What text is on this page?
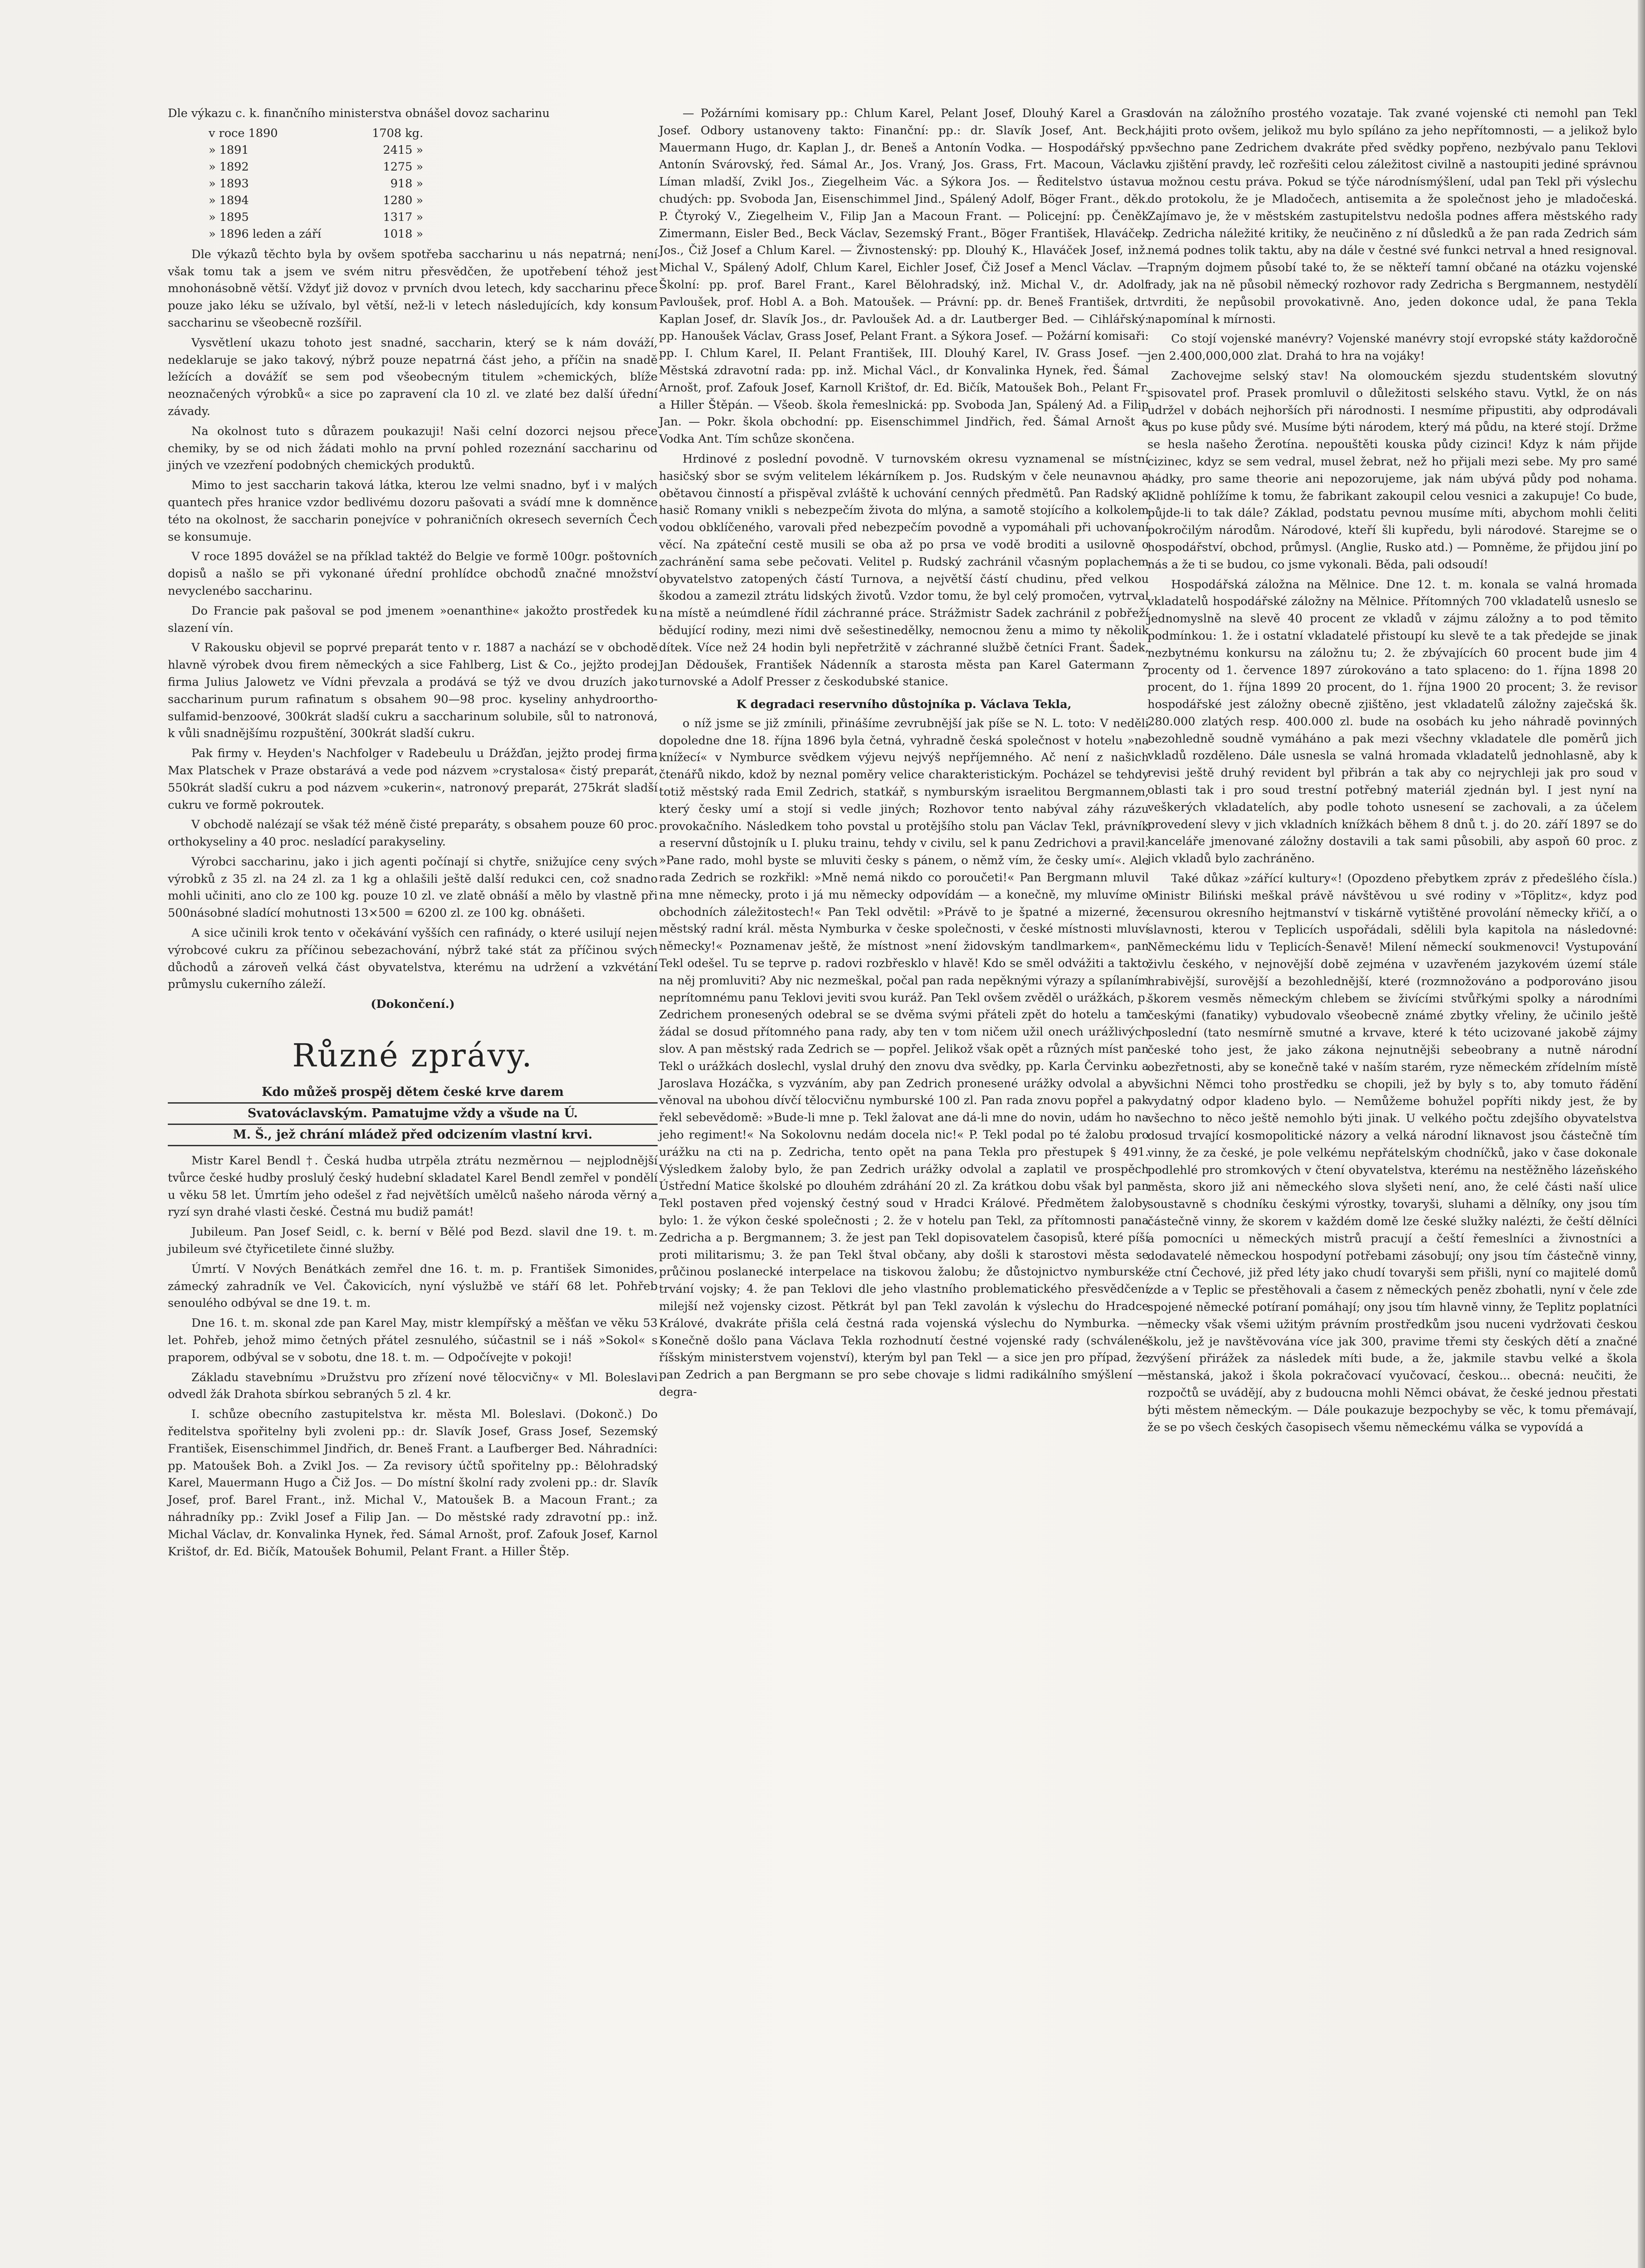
Dle výkazu c. k. finančního ministerstva obnášel dovoz sacharinu

v roce 1890	1708 kg.
» 1891	2415 »
» 1892	1275 »
» 1893	918 »
» 1894	1280 »
» 1895	1317 »
» 1896 leden a září	1018 »

Dle výkazů těchto byla by ovšem spotřeba saccharinu u nás nepatrná; není však tomu tak a jsem ve svém nitru přesvědčen, že upotřebení téhož jest mnohonásobně větší. Vždyť již dovoz v prvních dvou letech, kdy saccharinu přece pouze jako léku se užívalo, byl větší, než-li v letech následujících, kdy konsum saccharinu se všeobecně rozšířil.

Vysvětlení ukazu tohoto jest snadné, saccharin, který se k nám dováží, nedeklaruje se jako takový, nýbrž pouze nepatrná část jeho, a příčin na snadě ležících a dovážíť se sem pod všeobecným titulem »chemických, blíže neoznačených výrobků« a sice po zapravení cla 10 zl. ve zlaté bez další úřední závady.

Na okolnost tuto s důrazem poukazuji! Naši celní dozorci nejsou přece chemiky, by se od nich žádati mohlo na první pohled rozeznání saccharinu od jiných ve vzezření podobných chemických produktů.

Mimo to jest saccharin taková látka, kterou lze velmi snadno, byť i v malých quantech přes hranice vzdor bedlivému dozoru pašovati a svádí mne k domněnce této na okolnost, že saccharin ponejvíce v pohraničních okresech severních Čech se konsumuje.

V roce 1895 dovážel se na příklad taktéž do Belgie ve formě 100gr. poštovních dopisů a našlo se při vykonané úřední prohlídce obchodů značné množství nevyclenébo saccharinu.

Do Francie pak pašoval se pod jmenem »oenanthine« jakožto prostředek ku slazení vín.

V Rakousku objevil se poprvé preparát tento v r. 1887 a nachází se v obchodě hlavně výrobek dvou firem německých a sice Fahlberg, List & Co., jejžto prodej firma Julius Jalowetz ve Vídni převzala a prodává se týž ve dvou druzích jako saccharinum purum rafinatum s obsahem 90—98 proc. kyseliny anhydroortho-sulfamid-benzoové, 300krát sladší cukru a saccharinum solubile, sůl to natronová, k vůli snadnějšímu rozpuštění, 300krát sladší cukru.

Pak firmy v. Heyden's Nachfolger v Radebeulu u Drážďan, jejžto prodej firma Max Platschek v Praze obstarává a vede pod názvem »crystalosa« čistý preparát, 550krát sladší cukru a pod názvem »cukerin«, natronový preparát, 275krát sladší cukru ve formě pokroutek.

V obchodě nalézají se však též méně čisté preparáty, s obsahem pouze 60 proc. orthokyseliny a 40 proc. nesladící parakyseliny.

Výrobci saccharinu, jako i jich agenti počínají si chytře, snižujíce ceny svých výrobků z 35 zl. na 24 zl. za 1 kg a ohlašili ještě další redukci cen, což snadno mohli učiniti, ano clo ze 100 kg. pouze 10 zl. ve zlatě obnáší a mělo by vlastně při 500násobné sladící mohutnosti 13×500 = 6200 zl. ze 100 kg. obnášeti.

A sice učinili krok tento v očekávání vyšších cen rafinády, o které usilují nejen výrobcové cukru za příčinou sebezachování, nýbrž také stát za příčinou svých důchodů a zároveň velká část obyvatelstva, kterému na udržení a vzkvétání průmyslu cukerního záleží.

(Dokončení.)

Různé zprávy.
Kdo můžeš prospěj dětem české krve darem
Svatováclavským. Pamatujme vždy a všude na Ú.
M. Š., jež chrání mládež před odcizením vlastní krvi.

Mistr Karel Bendl †. Česká hudba utrpěla ztrátu nezměrnou — nejplodnější tvůrce české hudby proslulý český hudební skladatel Karel Bendl zemřel v pondělí u věku 58 let. Úmrtím jeho odešel z řad největších umělců našeho národa věrný a ryzí syn drahé vlasti české. Čestná mu budiž památ!

Jubileum. Pan Josef Seidl, c. k. berní v Bělé pod Bezd. slavil dne 19. t. m. jubileum své čtyřicetilete činné služby.

Úmrtí. V Nových Benátkách zemřel dne 16. t. m. p. František Simonides, zámecký zahradník ve Vel. Čakovicích, nyní výslužbě ve stáří 68 let. Pohřeb senoulého odbýval se dne 19. t. m.

Dne 16. t. m. skonal zde pan Karel May, mistr klempířský a měšťan ve věku 53 let. Pohřeb, jehož mimo četných přátel zesnulého, súčastnil se i náš »Sokol« s praporem, odbýval se v sobotu, dne 18. t. m. — Odpočívejte v pokoji!

Základu stavebnímu »Družstvu pro zřízení nové tělocvičny« v Ml. Boleslavi odvedl žák Drahota sbírkou sebraných 5 zl. 4 kr.

I. schůze obecního zastupitelstva kr. města Ml. Boleslavi. (Dokonč.) Do ředitelstva spořitelny byli zvoleni pp.: dr. Slavík Josef, Grass Josef, Sezemský František, Eisenschimmel Jindřich, dr. Beneš Frant. a Laufberger Bed. Náhradníci: pp. Matoušek Boh. a Zvikl Jos. — Za revisory účtů spořitelny pp.: Bělohradský Karel, Mauermann Hugo a Čiž Jos. — Do místní školní rady zvoleni pp.: dr. Slavík Josef, prof. Barel Frant., inž. Michal V., Matoušek B. a Macoun Frant.; za náhradníky pp.: Zvikl Josef a Filip Jan. — Do městské rady zdravotní pp.: inž. Michal Václav, dr. Konvalinka Hynek, řed. Sámal Arnošt, prof. Zafouk Josef, Karnol Krištof, dr. Ed. Bičík, Matoušek Bohumil, Pelant Frant. a Hiller Štěp.

— Požárními komisary pp.: Chlum Karel, Pelant Josef, Dlouhý Karel a Gras Josef. Odbory ustanoveny takto: Finanční: pp.: dr. Slavík Josef, Ant. Beck, Mauermann Hugo, dr. Kaplan J., dr. Beneš a Antonín Vodka. — Hospodářský pp: Antonín Svárovský, řed. Sámal Ar., Jos. Vraný, Jos. Grass, Frt. Macoun, Václav Líman mladší, Zvikl Jos., Ziegelheim Vác. a Sýkora Jos. — Ředitelstvo ústavu chudých: pp. Svoboda Jan, Eisenschimmel Jind., Spálený Adolf, Böger Frant., děk. P. Čtyroký V., Ziegelheim V., Filip Jan a Macoun Frant. — Policejní: pp. Čeněk Zimermann, Eisler Bed., Beck Václav, Sezemský Frant., Böger František, Hlaváček Jos., Čiž Josef a Chlum Karel. — Živnostenský: pp. Dlouhý K., Hlaváček Josef, inž. Michal V., Spálený Adolf, Chlum Karel, Eichler Josef, Čiž Josef a Mencl Václav. — Školní: pp. prof. Barel Frant., Karel Bělohradský, inž. Michal V., dr. Adolf Pavloušek, prof. Hobl A. a Boh. Matoušek. — Právní: pp. dr. Beneš František, dr. Kaplan Josef, dr. Slavík Jos., dr. Pavloušek Ad. a dr. Lautberger Bed. — Cihlářský: pp. Hanoušek Václav, Grass Josef, Pelant Frant. a Sýkora Josef. — Požární komisaři: pp. I. Chlum Karel, II. Pelant František, III. Dlouhý Karel, IV. Grass Josef. — Městská zdravotní rada: pp. inž. Michal Václ., dr Konvalinka Hynek, řed. Šámal Arnošt, prof. Zafouk Josef, Karnoll Krištof, dr. Ed. Bičík, Matoušek Boh., Pelant Fr. a Hiller Štěpán. — Všeob. škola řemeslnická: pp. Svoboda Jan, Spálený Ad. a Filip Jan. — Pokr. škola obchodní: pp. Eisenschimmel Jindřich, řed. Šámal Arnošt a Vodka Ant. Tím schůze skončena.

Hrdinové z poslední povodně. V turnovském okresu vyznamenal se místní hasičský sbor se svým velitelem lékárníkem p. Jos. Rudským v čele neunavnou a obětavou činností a přispěval zvláště k uchování cenných předmětů. Pan Radský a hasič Romany vnikli s nebezpečím života do mlýna, a samotě stojícího a kolkolem vodou obklíčeného, varovali před nebezpečím povodně a vypomáhali při uchovaní věcí. Na zpáteční cestě musili se oba až po prsa ve vodě broditi a usilovně o zachránění sama sebe pečovati. Velitel p. Rudský zachránil včasným poplachem obyvatelstvo zatopených částí Turnova, a největší částí chudinu, před velkou škodou a zamezil ztrátu lidských životů. Vzdor tomu, že byl celý promočen, vytrval na místě a neúmdlené řídil záchranné práce. Strážmistr Sadek zachránil z pobřeží bědující rodiny, mezi nimi dvě sešestinedělky, nemocnou ženu a mimo ty několik dítek. Více než 24 hodin byli nepřetržitě v záchranné službě četníci Frant. Šadek, Jan Dědoušek, František Nádenník a starosta města pan Karel Gatermann z turnovské a Adolf Presser z českodubské stanice.

K degradaci reservního důstojníka p. Václava Tekla,

o níž jsme se již zmínili, přinášíme zevrubnější jak píše se N. L. toto: V neděli dopoledne dne 18. října 1896 byla četná, vyhradně česká společnost v hotelu »na knížecí« v Nymburce svědkem výjevu nejvýš nepříjemného. Ač není z našich čtenářů nikdo, kdož by neznal poměry velice charakteristickým. Pocházel se tehdy totiž městský rada Emil Zedrich, statkář, s nymburským israelitou Bergmannem, který česky umí a stojí si vedle jiných; Rozhovor tento nabýval záhy rázu provokačního. Následkem toho povstal u protějšího stolu pan Václav Tekl, právník a reservní důstojník u I. pluku trainu, tehdy v civilu, sel k panu Zedrichovi a pravil: »Pane rado, mohl byste se mluviti česky s pánem, o němž vím, že česky umí«. Ale rada Zedrich se rozkřikl: »Mně nemá nikdo co poroučeti!« Pan Bergmann mluvil na mne německy, proto i já mu německy odpovídám — a konečně, my mluvíme o obchodních záležitostech!« Pan Tekl odvětil: »Právě to je špatné a mizerné, že městský radní král. města Nymburka v česke společnosti, v české místnosti mluví německy!« Poznamenav ještě, že místnost »není židovským tandlmarkem«, pan Tekl odešel. Tu se teprve p. radovi rozbřesklo v hlavě! Kdo se směl odvážiti a takto na něj promluviti? Aby nic nezmeškal, počal pan rada nepěknými výrazy a spílaním neprítomnému panu Teklovi jeviti svou kuráž. Pan Tekl ovšem zvěděl o urážkách, p. Zedrichem pronesených odebral se se dvěma svými přáteli zpět do hotelu a tam žádal se dosud přítomného pana rady, aby ten v tom ničem užil onech urážlivých slov. A pan městský rada Zedrich se — popřel. Jelikož však opět a různých míst pan Tekl o urážkách doslechl, vyslal druhý den znovu dva svědky, pp. Karla Červinku a Jaroslava Hozáčka, s vyzváním, aby pan Zedrich pronesené urážky odvolal a aby věnoval na ubohou dívčí tělocvičnu nymburské 100 zl. Pan rada znovu popřel a pak řekl sebevědomě: »Bude-li mne p. Tekl žalovat ane dá-li mne do novin, udám ho na jeho regiment!« Na Sokolovnu nedám docela nic!« P. Tekl podal po té žalobu pro urážku na cti na p. Zedricha, tento opět na pana Tekla pro přestupek § 491. Výsledkem žaloby bylo, že pan Zedrich urážky odvolal a zaplatil ve prospěch Ústřední Matice školské po dlouhém zdráhání 20 zl. Za krátkou dobu však byl pan Tekl postaven před vojenský čestný soud v Hradci Králové. Předmětem žaloby bylo: 1. že výkon české společnosti ; 2. že v hotelu pan Tekl, za přítomnosti pana Zedricha a p. Bergmannem; 3. že jest pan Tekl dopisovatelem časopisů, které píší proti militarismu; 3. že pan Tekl štval občany, aby došli k starostovi města se průčinou poslanecké interpelace na tiskovou žalobu; že důstojnictvo nymburské trvání vojsky; 4. že pan Teklovi dle jeho vlastního problematického přesvědčení milejší než vojensky cizost. Pětkrát byl pan Tekl zavolán k výslechu do Hradce Králové, dvakráte přišla celá čestná rada vojenská výslechu do Nymburka. — Konečně došlo pana Václava Tekla rozhodnutí čestné vojenské rady (schválené říšským ministerstvem vojenství), kterým byl pan Tekl — a sice jen pro případ, že pan Zedrich a pan Bergmann se pro sebe chovaje s lidmi radikálního smýšlení — degra-

dován na záložního prostého vozataje. Tak zvané vojenské cti nemohl pan Tekl hájiti proto ovšem, jelikož mu bylo spíláno za jeho nepřítomnosti, — a jelikož bylo všechno pane Zedrichem dvakráte před svědky popřeno, nezbývalo panu Teklovi ku zjištění pravdy, leč rozřešiti celou záležitost civilně a nastoupiti jediné správnou a možnou cestu práva. Pokud se týče národnísmýšlení, udal pan Tekl při výslechu do protokolu, že je Mladočech, antisemita a že společnost jeho je mladočeská. Zajímavo je, že v městském zastupitelstvu nedošla podnes affera městského rady p. Zedricha náležité kritiky, že neučiněno z ní důsledků a že pan rada Zedrich sám nemá podnes tolik taktu, aby na dále v čestné své funkci netrval a hned resignoval. Trapným dojmem působí také to, že se někteří tamní občané na otázku vojenské rady, jak na ně působil německý rozhovor rady Zedricha s Bergmannem, nestydělí tvrditi, že nepůsobil provokativně. Ano, jeden dokonce udal, že pana Tekla napomínal k mírnosti.

Co stojí vojenské manévry? Vojenské manévry stojí evropské státy každoročně jen 2.400,000,000 zlat. Drahá to hra na vojáky!

Zachovejme selský stav! Na olomouckém sjezdu studentském slovutný spisovatel prof. Prasek promluvil o důležitosti selského stavu. Vytkl, že on nás udržel v dobách nejhorších při národnosti. I nesmíme připustiti, aby odprodávali kus po kuse půdy své. Musíme býti národem, který má půdu, na které stojí. Držme se hesla našeho Žerotína. nepouštěti kouska půdy cizinci! Kdyz k nám přijde cizinec, kdyz se sem vedral, musel žebrat, než ho přijali mezi sebe. My pro samé hádky, pro same theorie ani nepozorujeme, jak nám ubývá půdy pod nohama. Klidně pohlížíme k tomu, že fabrikant zakoupil celou vesnici a zakupuje! Co bude, půjde-li to tak dále? Základ, podstatu pevnou musíme míti, abychom mohli čeliti pokročilým národům. Národové, kteří šli kupředu, byli národové. Starejme se o hospodářství, obchod, průmysl. (Anglie, Rusko atd.) — Pomněme, že přijdou jiní po nás a že ti se budou, co jsme vykonali. Běda, pali odsoudí!

Hospodářská záložna na Mělnice. Dne 12. t. m. konala se valná hromada vkladatelů hospodářské záložny na Mělnice. Přítomných 700 vkladatelů usneslo se jednomyslně na slevě 40 procent ze vkladů v zájmu záložny a to pod těmito podmínkou: 1. že i ostatní vkladatelé přistoupí ku slevě te a tak předejde se jinak nezbytnému konkursu na záložnu tu; 2. že zbývajících 60 procent bude jim 4 procenty od 1. července 1897 zúrokováno a tato splaceno: do 1. října 1898 20 procent, do 1. října 1899 20 procent, do 1. října 1900 20 procent; 3. že revisor hospodářské jest záložny obecně zjištěno, jest vkladatelů záložny zaječská šk. 280.000 zlatých resp. 400.000 zl. bude na osobách ku jeho náhradě povinných bezohledně soudně vymáháno a pak mezi všechny vkladatele dle poměrů jich vkladů rozděleno. Dále usnesla se valná hromada vkladatelů jednohlasně, aby k revisi ještě druhý revident byl přibrán a tak aby co nejrychleji jak pro soud v oblasti tak i pro soud trestní potřebný materiál zjednán byl. I jest nyní na veškerých vkladatelích, aby podle tohoto usnesení se zachovali, a za účelem provedení slevy v jich vkladních knížkách během 8 dnů t. j. do 20. září 1897 se do kanceláře jmenované záložny dostavili a tak sami působili, aby aspoň 60 proc. z jich vkladů bylo zachráněno.

Také důkaz »zářící kultury«! (Opozdeno přebytkem zpráv z předešlého čísla.) Ministr Biliński meškal právě návštěvou u své rodiny v »Töplitz«, kdyz pod censurou okresního hejtmanství v tiskárně vytištěné provolání německy křičí, a o slavnosti, kterou v Teplicích uspořádali, sdělili byla kapitola na následovné: Německému lidu v Teplicích-Šenavě! Milení německí soukmenovci! Vystupování živlu českého, v nejnovější době zejména v uzavřeném jazykovém území stále hrabivější, surovější a bezohlednější, které (rozmnožováno a podporováno jisou škorem vesměs německým chlebem se živícími stvůřkými spolky a národními českými (fanatiky) vybudovalo všeobecně známé zbytky vřeliny, že učinilo ještě poslední (tato nesmírně smutné a krvave, které k této ucizované jakobě zájmy české toho jest, že jako zákona nejnutnějši sebeobrany a nutně národní obezřetnosti, aby se konečně také v naším starém, ryze německém zřídelním místě všichni Němci toho prostředku se chopili, jež by byly s to, aby tomuto řádění vydatný odpor kladeno bylo. — Nemůžeme bohužel popříti nikdy jest, že by všechno to něco ještě nemohlo býti jinak. U velkého počtu zdejšího obyvatelstva dosud trvající kosmopolitické názory a velká národní liknavost jsou částečně tím vinny, že za české, je pole velkému nepřátelským chodníčků, jako v čase dokonale podlehlé pro stromkových v čtení obyvatelstva, kterému na nestěžněho lázeňského města, skoro již ani německého slova slyšeti není, ano, že celé části naší ulice soustavně s chodníku českými výrostky, tovaryši, sluhami a dělníky, ony jsou tím částečně vinny, že skorem v každém domě lze české služky nalézti, že čeští dělníci a pomocníci u německých mistrů pracují a čeští řemeslníci a živnostníci a dodavatelé německou hospodyní potřebami zásobují; ony jsou tím částečně vinny, že ctní Čechové, již před léty jako chudí tovaryši sem přišli, nyní co majitelé domů zde a v Teplic se přestěhovali a časem z německých peněz zbohatli, nyní v čele zde spojené německé potíraní pomáhají; ony jsou tím hlavně vinny, že Teplitz poplatníci německy však všemi užitým právním prostředkům jsou nuceni vydržovati českou školu, jež je navštěvována více jak 300, pravime třemi sty českých dětí a značné zvýšení přirážek za následek míti bude, a že, jakmile stavbu velké a škola městanská, jakož i škola pokračovací vyučovací, českou... obecná: neučiti, že rozpočtů se uvádějí, aby z budoucna mohli Němci obávat, že české jednou přestati býti městem německým. — Dále poukazuje bezpochyby se věc, k tomu přemávají, že se po všech českých časopisech všemu německému válka se vypovídá a
